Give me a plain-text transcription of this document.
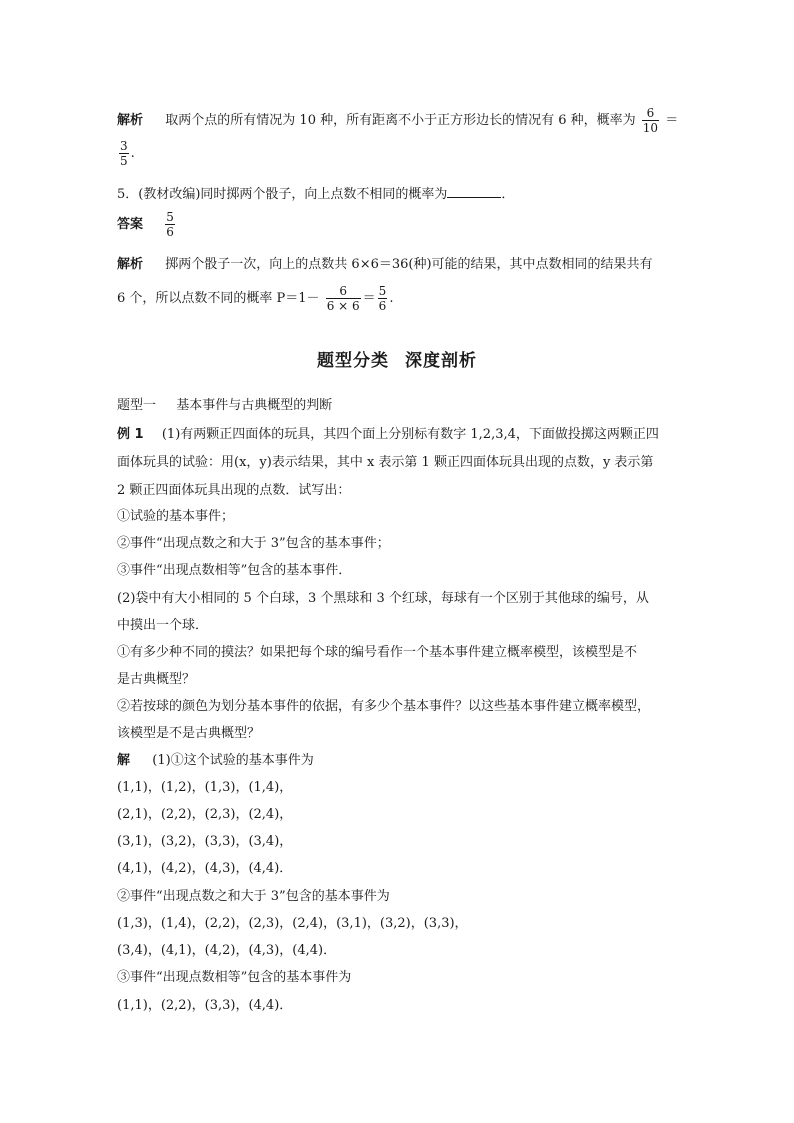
解析 取两个点的所有情况为 10 种，所有距离不小于正方形边长的情况有 6 种，概率为 $\frac{6}{10}$ ＝
$\frac{3}{5}$ .
5．(教材改编)同时掷两个骰子，向上点数不相同的概率为	．
答案 $\frac{5}{6}$
解析 掷两个骰子一次，向上的点数共 6×6＝36(种)可能的结果，其中点数相同的结果共有
6 个，所以点数不同的概率 $P=1- \frac{6}{6 \times 6} = \frac{5}{6}$ .
题型分类 深度剖析
题型一 基本事件与古典概型的判断
例 1 (1)有两颗正四面体的玩具，其四个面上分别标有数字 1,2,3,4，下面做投掷这两颗正四
面体玩具的试验：用(x，y)表示结果，其中 x 表示第 1 颗正四面体玩具出现的点数，y 表示第
2 颗正四面体玩具出现的点数．试写出：
①试验的基本事件；
②事件“出现点数之和大于 3”包含的基本事件；
③事件“出现点数相等”包含的基本事件．
(2)袋中有大小相同的 5 个白球，3 个黑球和 3 个红球，每球有一个区别于其他球的编号，从
中摸出一个球．
①有多少种不同的摸法？如果把每个球的编号看作一个基本事件建立概率模型，该模型是不
是古典概型？
②若按球的颜色为划分基本事件的依据，有多少个基本事件？以这些基本事件建立概率模型，
该模型是不是古典概型？
解 (1)①这个试验的基本事件为
(1,1)，(1,2)，(1,3)，(1,4)，
(2,1)，(2,2)，(2,3)，(2,4)，
(3,1)，(3,2)，(3,3)，(3,4)，
(4,1)，(4,2)，(4,3)，(4,4)．
②事件“出现点数之和大于 3”包含的基本事件为
(1,3)，(1,4)，(2,2)，(2,3)，(2,4)，(3,1)，(3,2)，(3,3)，
(3,4)，(4,1)，(4,2)，(4,3)，(4,4)．
③事件“出现点数相等”包含的基本事件为
(1,1)，(2,2)，(3,3)，(4,4)．
